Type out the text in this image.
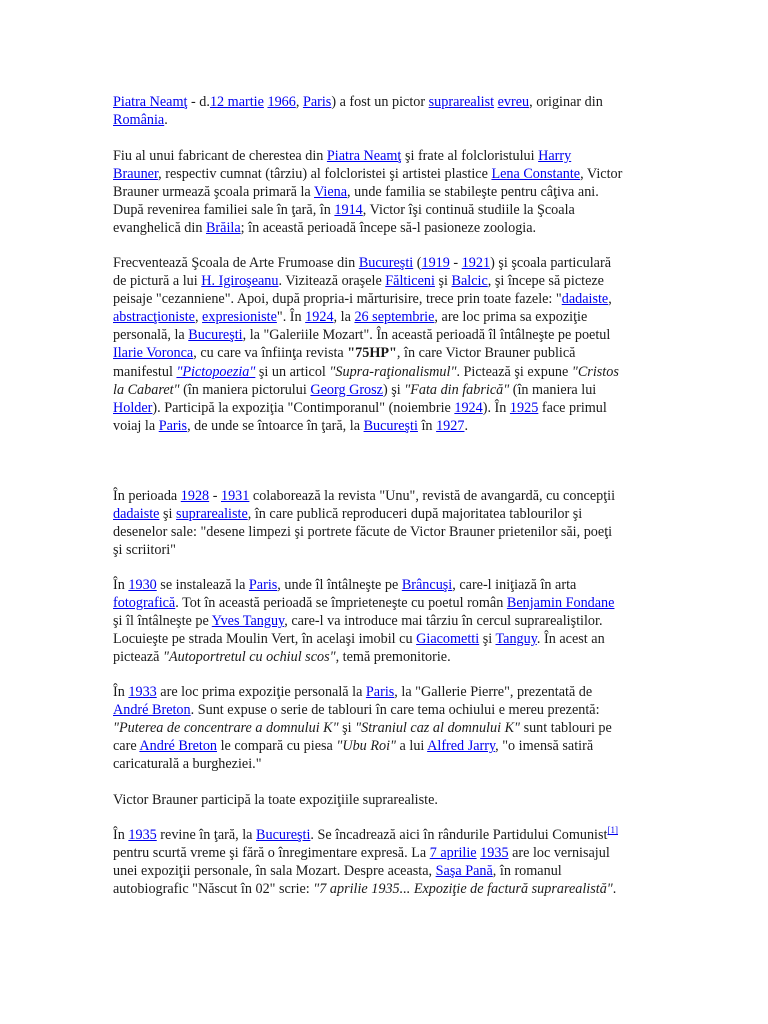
Piatra Neamţ - d.12 martie 1966, Paris) a fost un pictor suprarealist evreu, originar din
România.
Fiu al unui fabricant de cherestea din Piatra Neamţ şi frate al folcloristului Harry
Brauner, respectiv cumnat (târziu) al folcloristei şi artistei plastice Lena Constante, Victor
Brauner urmează şcoala primară la Viena, unde familia se stabileşte pentru câţiva ani.
După revenirea familiei sale în ţară, în 1914, Victor îşi continuă studiile la Şcoala
evanghelică din Brăila; în această perioadă începe să-l pasioneze zoologia.
Frecventează Şcoala de Arte Frumoase din Bucureşti (1919 - 1921) şi şcoala particulară
de pictură a lui H. Igiroşeanu. Vizitează oraşele Fălticeni şi Balcic, şi începe să picteze
peisaje "cezanniene". Apoi, după propria-i mărturisire, trece prin toate fazele: "dadaiste,
abstracţioniste, expresioniste". În 1924, la 26 septembrie, are loc prima sa expoziţie
personală, la Bucureşti, la "Galeriile Mozart". În această perioadă îl întâlneşte pe poetul
Ilarie Voronca, cu care va înfiinţa revista "75HP", în care Victor Brauner publică
manifestul "Pictopoezia" şi un articol "Supra-raţionalismul". Pictează şi expune "Cristos
la Cabaret" (în maniera pictorului Georg Grosz) şi "Fata din fabrică" (în maniera lui
Holder). Participă la expoziţia "Contimporanul" (noiembrie 1924). În 1925 face primul
voiaj la Paris, de unde se întoarce în ţară, la Bucureşti în 1927.
În perioada 1928 - 1931 colaborează la revista "Unu", revistă de avangardă, cu concepţii
dadaiste şi suprarealiste, în care publică reproduceri după majoritatea tablourilor şi
desenelor sale: "desene limpezi şi portrete făcute de Victor Brauner prietenilor săi, poeţi
şi scriitori"
În 1930 se instalează la Paris, unde îl întâlneşte pe Brâncuşi, care-l iniţiază în arta
fotografică. Tot în această perioadă se împrieteneşte cu poetul român Benjamin Fondane
şi îl întâlneşte pe Yves Tanguy, care-l va introduce mai târziu în cercul suprarealiştilor.
Locuieşte pe strada Moulin Vert, în acelaşi imobil cu Giacometti şi Tanguy. În acest an
pictează "Autoportretul cu ochiul scos", temă premonitorie.
În 1933 are loc prima expoziţie personală la Paris, la "Gallerie Pierre", prezentată de
André Breton. Sunt expuse o serie de tablouri în care tema ochiului e mereu prezentă:
"Puterea de concentrare a domnului K" şi "Straniul caz al domnului K" sunt tablouri pe
care André Breton le compară cu piesa "Ubu Roi" a lui Alfred Jarry, "o imensă satiră
caricaturală a burgheziei."
Victor Brauner participă la toate expoziţiile suprarealiste.
În 1935 revine în ţară, la Bucureşti. Se încadrează aici în rândurile Partidului Comunist[1]
pentru scurtă vreme şi fără o înregimentare expresă. La 7 aprilie 1935 are loc vernisajul
unei expoziţii personale, în sala Mozart. Despre aceasta, Saşa Pană, în romanul
autobiografic "Născut în 02" scrie: "7 aprilie 1935... Expoziţie de factură suprarealistă".
